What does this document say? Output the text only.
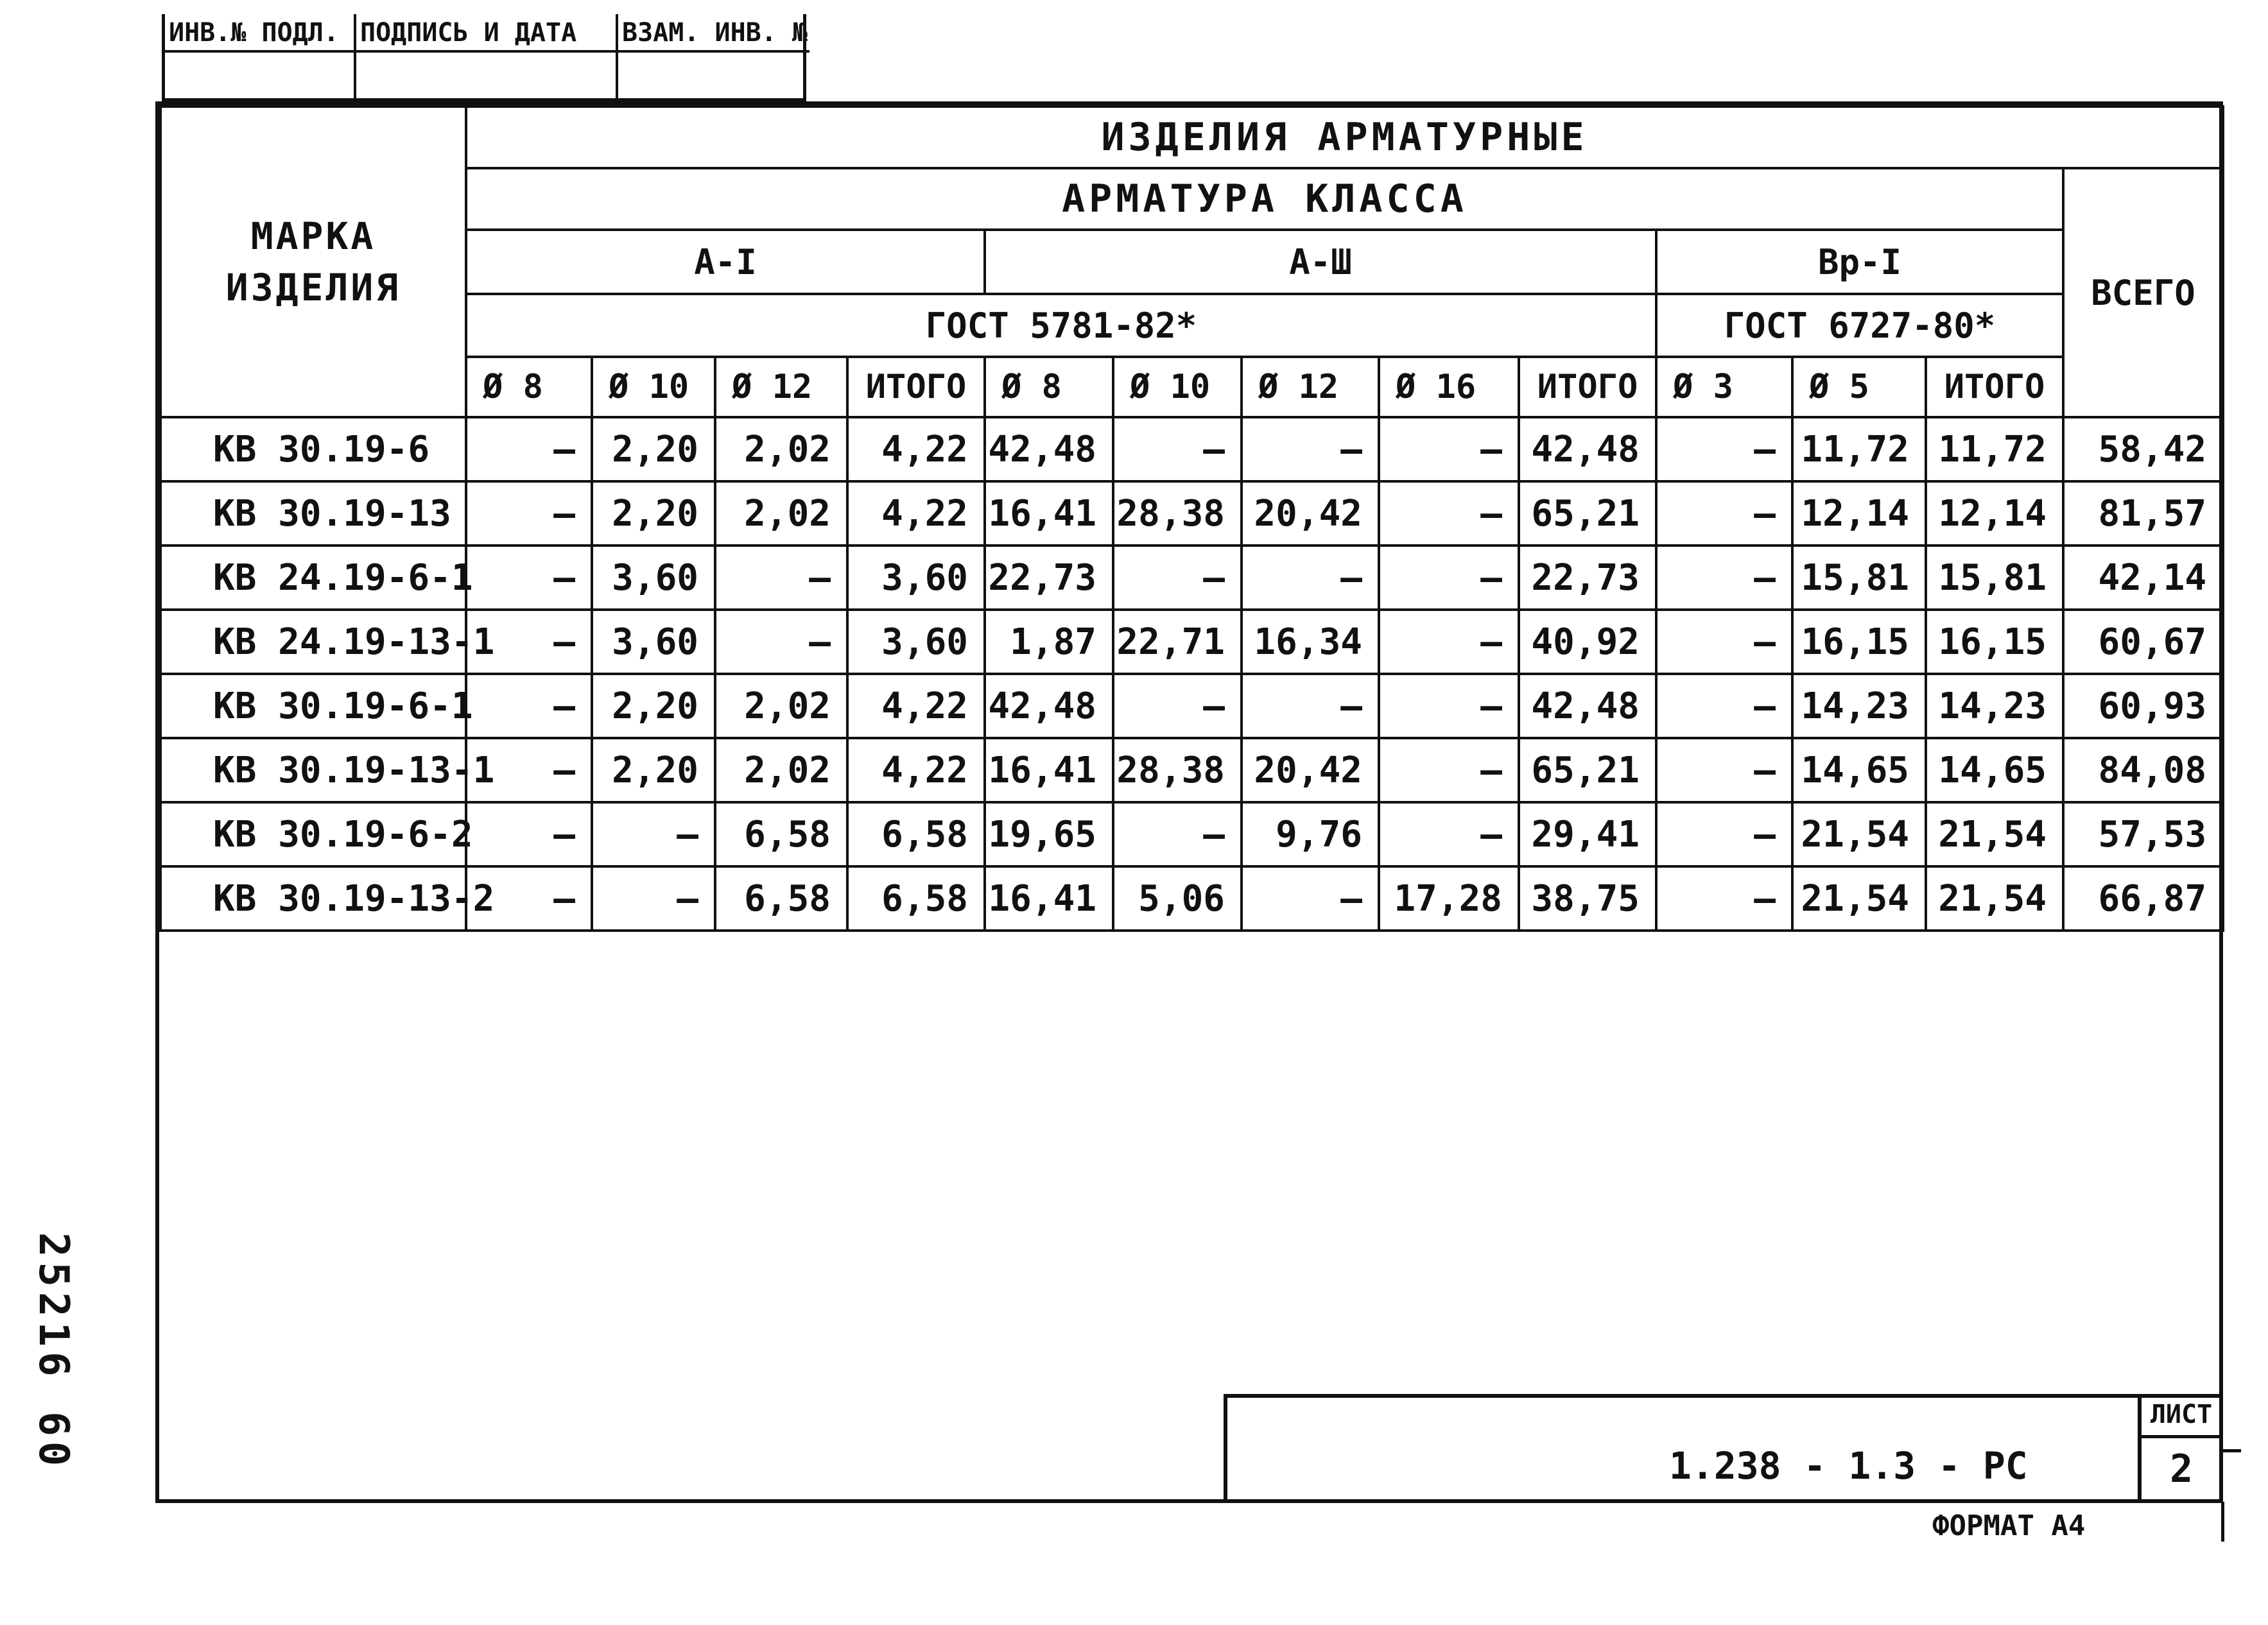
ИНВ.№ ПОДЛ. ПОДПИСЬ И ДАТА	ВЗАМ. ИНВ. №
МАРКА ИЗДЕЛИЯ	ИЗДЕЛИЯ АРМАТУРНЫЕ												
	АРМАТУРА КЛАССА												ВСЕГО
	А-I				А-Ш					Вр-I			
	ГОСТ 5781-82*									ГОСТ 6727-80*			
	Ø 8	Ø 10	Ø 12	ИТОГО	Ø 8	Ø 10	Ø 12	Ø 16	ИТОГО	Ø 3	Ø 5	ИТОГО	
КВ 30.19-6	—	2,20	2,02	4,22	42,48	—	—	—	42,48	—	11,72	11,72	58,42
КВ 30.19-13	—	2,20	2,02	4,22	16,41	28,38	20,42	—	65,21	—	12,14	12,14	81,57
КВ 24.19-6-1	—	3,60	—	3,60	22,73	—	—	—	22,73	—	15,81	15,81	42,14
КВ 24.19-13-1	—	3,60	—	3,60	1,87	22,71	16,34	—	40,92	—	16,15	16,15	60,67
КВ 30.19-6-1	—	2,20	2,02	4,22	42,48	—	—	—	42,48	—	14,23	14,23	60,93
КВ 30.19-13-1	—	2,20	2,02	4,22	16,41	28,38	20,42	—	65,21	—	14,65	14,65	84,08
КВ 30.19-6-2	—	—	6,58	6,58	19,65	—	9,76	—	29,41	—	21,54	21,54	57,53
КВ 30.19-13-2	—	—	6,58	6,58	16,41	5,06	—	17,28	38,75	—	21,54	21,54	66,87

25216 60	1.238 - 1.3 - РС
ЛИСТ
2
ФОРМАТ А4
